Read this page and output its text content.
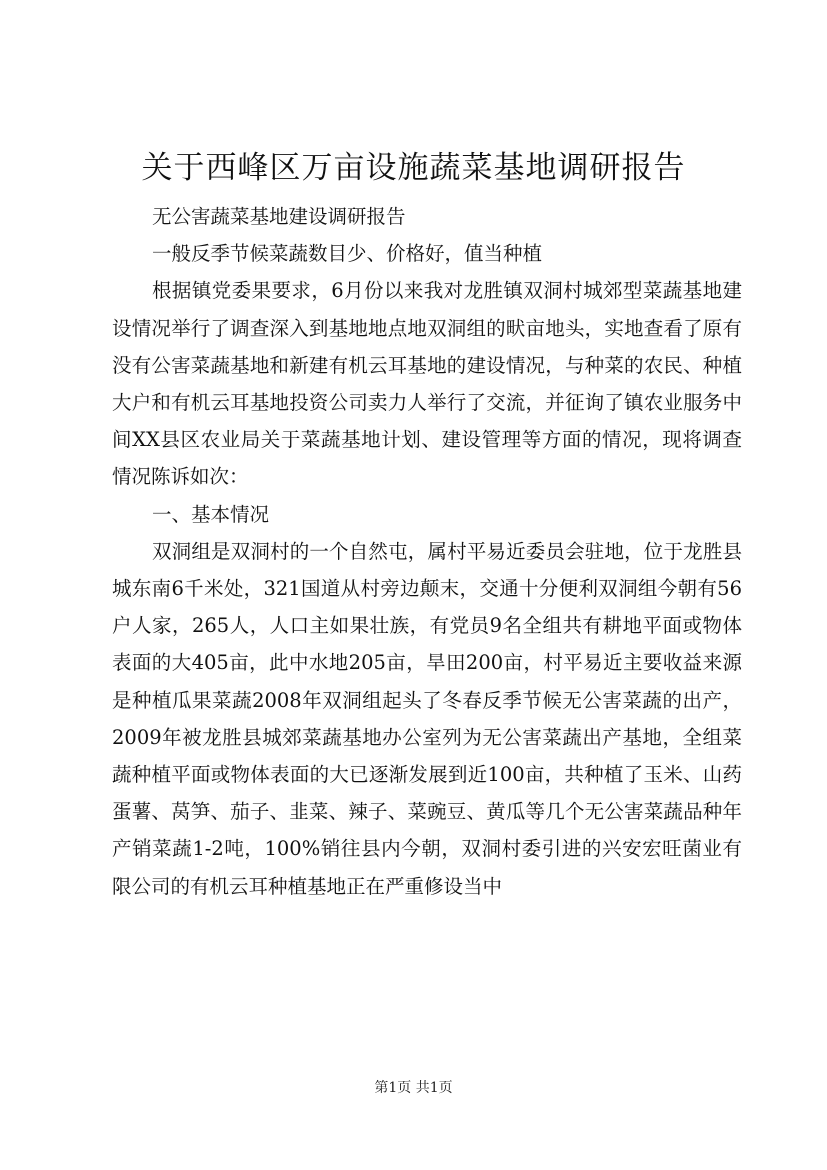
关于西峰区万亩设施蔬菜基地调研报告

无公害蔬菜基地建设调研报告

一般反季节候菜蔬数目少、价格好，值当种植

根据镇党委果要求，6月份以来我对龙胜镇双洞村城郊型菜蔬基地建设情况举行了调查深入到基地地点地双洞组的畎亩地头，实地查看了原有没有公害菜蔬基地和新建有机云耳基地的建设情况，与种菜的农民、种植大户和有机云耳基地投资公司卖力人举行了交流，并征询了镇农业服务中间XX县区农业局关于菜蔬基地计划、建设管理等方面的情况，现将调查情况陈诉如次：

一、基本情况

双洞组是双洞村的一个自然屯，属村平易近委员会驻地，位于龙胜县城东南6千米处，321国道从村旁边颠末，交通十分便利双洞组今朝有56户人家，265人，人口主如果壮族，有党员9名全组共有耕地平面或物体表面的大405亩，此中水地205亩，旱田200亩，村平易近主要收益来源是种植瓜果菜蔬2008年双洞组起头了冬春反季节候无公害菜蔬的出产，2009年被龙胜县城郊菜蔬基地办公室列为无公害菜蔬出产基地，全组菜蔬种植平面或物体表面的大已逐渐发展到近100亩，共种植了玉米、山药蛋薯、莴笋、茄子、韭菜、辣子、菜豌豆、黄瓜等几个无公害菜蔬品种年产销菜蔬1-2吨，100%销往县内今朝，双洞村委引进的兴安宏旺菌业有限公司的有机云耳种植基地正在严重修设当中

第1页 共1页
